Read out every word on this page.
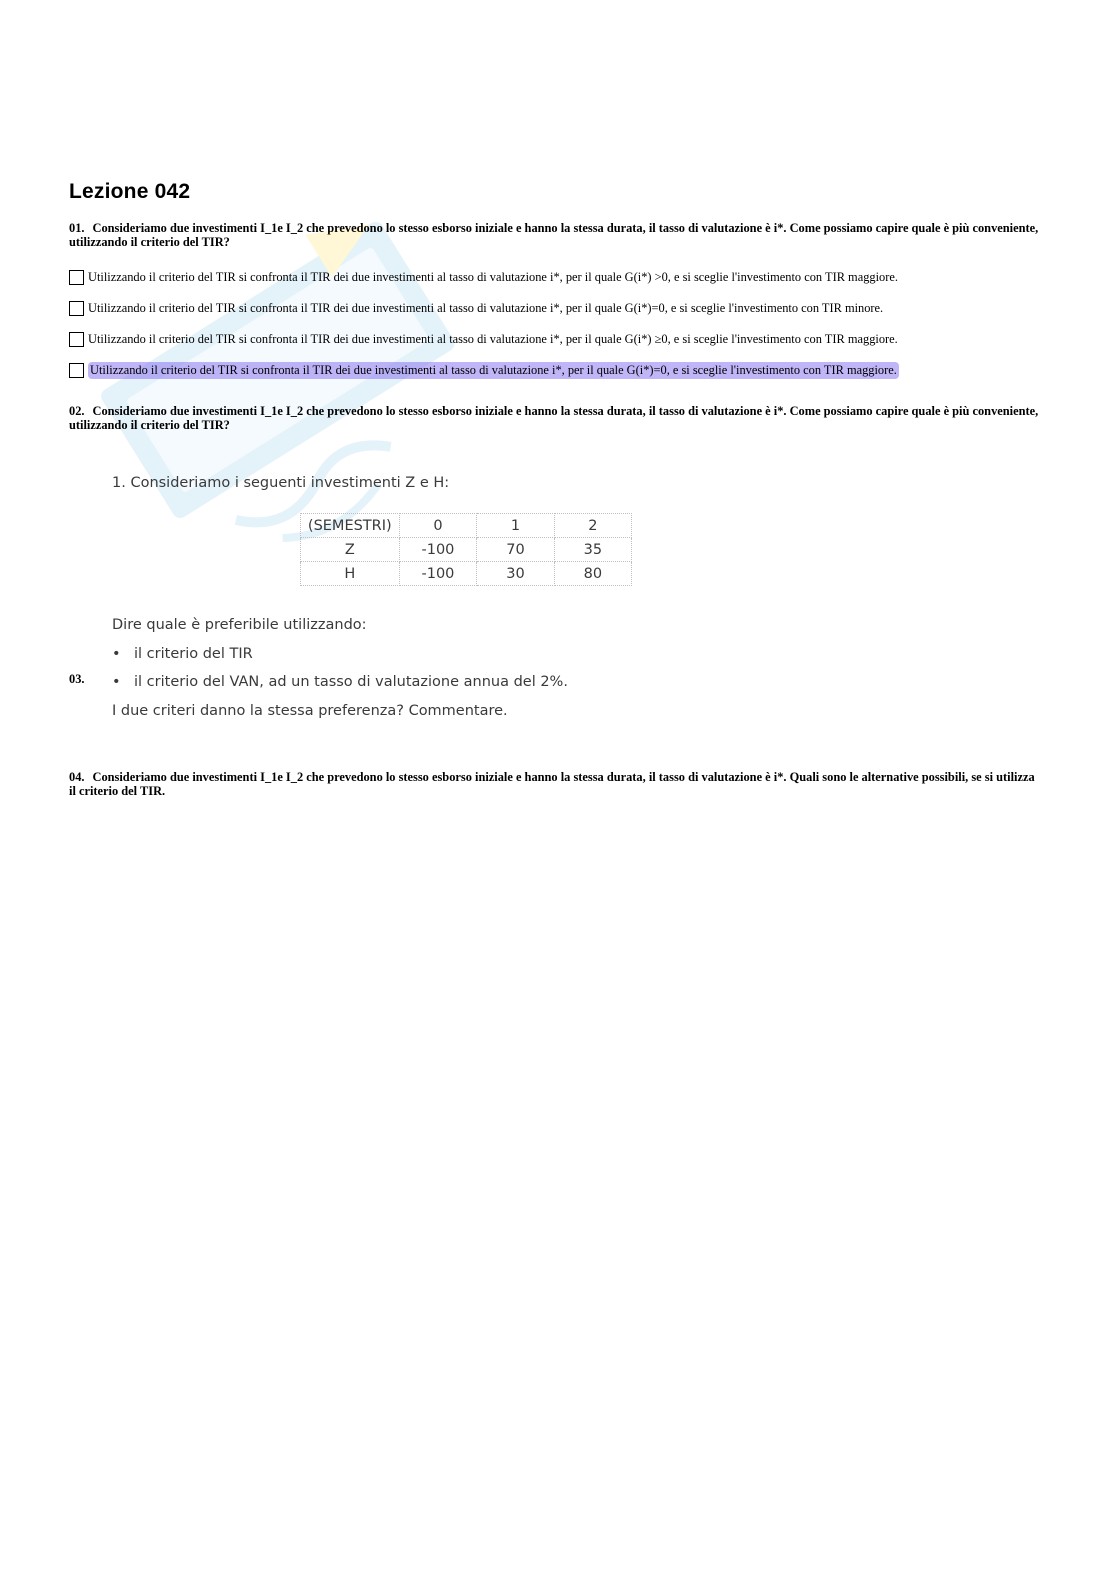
Lezione 042
01. Consideriamo due investimenti I_1e I_2 che prevedono lo stesso esborso iniziale e hanno la stessa durata, il tasso di valutazione è i*. Come possiamo capire quale è più conveniente, utilizzando il criterio del TIR?
Utilizzando il criterio del TIR si confronta il TIR dei due investimenti al tasso di valutazione i*, per il quale G(i*) >0, e si sceglie l'investimento con TIR maggiore.
Utilizzando il criterio del TIR si confronta il TIR dei due investimenti al tasso di valutazione i*, per il quale G(i*)=0, e si sceglie l'investimento con TIR minore.
Utilizzando il criterio del TIR si confronta il TIR dei due investimenti al tasso di valutazione i*, per il quale G(i*) ≥0, e si sceglie l'investimento con TIR maggiore.
Utilizzando il criterio del TIR si confronta il TIR dei due investimenti al tasso di valutazione i*, per il quale G(i*)=0, e si sceglie l'investimento con TIR maggiore.
02. Consideriamo due investimenti I_1e I_2 che prevedono lo stesso esborso iniziale e hanno la stessa durata, il tasso di valutazione è i*. Come possiamo capire quale è più conveniente, utilizzando il criterio del TIR?
03.
1. Consideriamo i seguenti investimenti Z e H:
(SEMESTRI)	0	1	2
Z	-100	70	35
H	-100	30	80
Dire quale è preferibile utilizzando:
• il criterio del TIR
• il criterio del VAN, ad un tasso di valutazione annua del 2%.
I due criteri danno la stessa preferenza? Commentare.
04. Consideriamo due investimenti I_1e I_2 che prevedono lo stesso esborso iniziale e hanno la stessa durata, il tasso di valutazione è i*. Quali sono le alternative possibili, se si utilizza il criterio del TIR.
